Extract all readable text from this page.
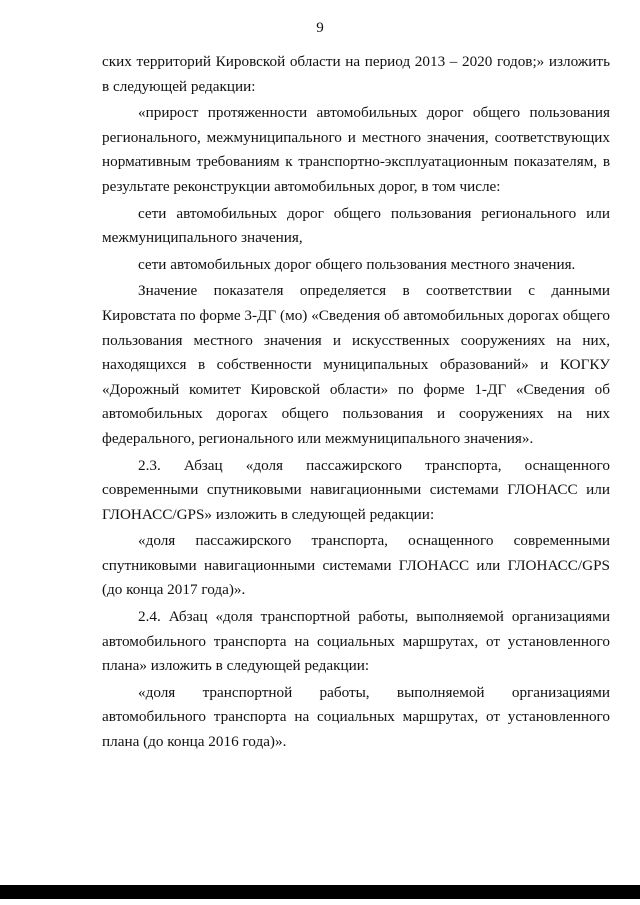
9

ских территорий Кировской области на период 2013 – 2020 годов;» изложить в следующей редакции:

«прирост протяженности автомобильных дорог общего пользования регионального, межмуниципального и местного значения, соответствующих нормативным требованиям к транспортно-эксплуатационным показателям, в результате реконструкции автомобильных дорог, в том числе:

сети автомобильных дорог общего пользования регионального или межмуниципального значения,

сети автомобильных дорог общего пользования местного значения.

Значение показателя определяется в соответствии с данными Кировстата по форме 3-ДГ (мо) «Сведения об автомобильных дорогах общего пользования местного значения и искусственных сооружениях на них, находящихся в собственности муниципальных образований» и КОГКУ «Дорожный комитет Кировской области» по форме 1-ДГ «Сведения об автомобильных дорогах общего пользования и сооружениях на них федерального, регионального или межмуниципального значения».

2.3. Абзац «доля пассажирского транспорта, оснащенного современными спутниковыми навигационными системами ГЛОНАСС или ГЛОНАСС/GPS» изложить в следующей редакции:

«доля пассажирского транспорта, оснащенного современными спутниковыми навигационными системами ГЛОНАСС или ГЛОНАСС/GPS (до конца 2017 года)».

2.4. Абзац «доля транспортной работы, выполняемой организациями автомобильного транспорта на социальных маршрутах, от установленного плана» изложить в следующей редакции:

«доля транспортной работы, выполняемой организациями автомобильного транспорта на социальных маршрутах, от установленного плана (до конца 2016 года)».
